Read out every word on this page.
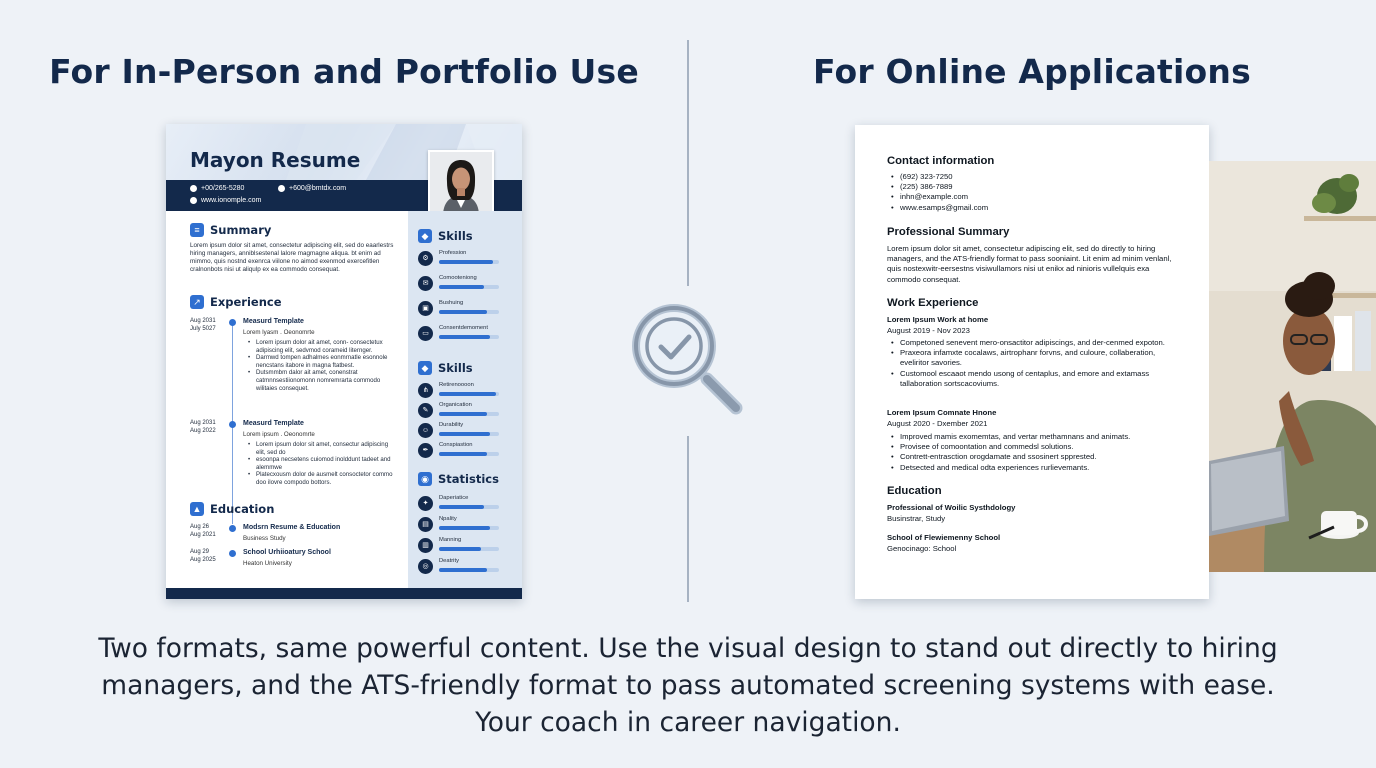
For In-Person and Portfolio Use	For Online Applications
Mayon Resume
+00/265-5280	+600@bmtdx.com
www.ionomple.com
≡ Summary
Lorem ipsum dolor sit amet, consectetur adipiscing elit, sed do eaarlestrs hiring managers, anniblsestenal lalore magmagne aliqua. bt enim ad mimmo, quis nostnd exenrca viilone no aimod exenmod exercefitlen cralnonbots nisi ut aliqulp ex ea commodo consequat.
↗ Experience
Aug 2031
July 5027
Measurd Template
Lorem lyasm . Oeonomrte
• Lorem ipsum dolor ait amet, conn- consectetux adipiscing elit, sedvmod corameid liternger.
• Darmwd tompen adhalmes eonmrnatle esonnole nencstans itabore in magna ftatbest.
• Dutsmmbm dalor ait amet, conenstrat catmnnsestiionomonn nomremrarta commodo wilitaies consequet.
Aug 2031
Aug 2022
Measurd Template
Lorem ipsum . Oeonomrte
• Lorem ipsum dolor sit amet, consectur adipiscing elit, sed do
• esoonpa necsetens cuiomod inolddunt tadeet and alemmwe
• Platecxousm dolor de ausmelt consoctetor commo doo ilovre compodo bottors.
▲ Education
Aug 26
Aug 2021
Modsrn Resume & Education
Business Study
Aug 29
Aug 2025
School Urhiioatury School
Heaton University
◆ Skills
◆ Skills
◉ Statistics
⚙
Profession
✉
Comooteniong
▣
Bushuing
▭
Consentdemoment
⋔
Retirenoooon
✎
Organication
☺
Durability
✒
Conspiastion
✦
Daperiatice
▤
Npality
▥
Manning
◎
Deatrity
Contact information
• (692) 323-7250
• (225) 386-7889
• inhn@example.com
• www.esamps@gmail.com
Professional Summary
Lorem ipsum dolor sit amet, consectetur adipiscing elit, sed do directly to hiring managers, and the ATS-friendly format to pass sooniaint. Lit enim ad minim venlanl, quis nostexwitr-eersestns visiwullamors nisi ut enikx ad ninioris vullelquis exa commodo consequat.
Work Experience
Lorem Ipsum Work at home
August 2019 - Nov 2023
• Competoned senevent mero-onsactitor adipiscings, and der-cenmed expoton.
• Praxeora infamxte cocalaws, airtrophanr forvns, and culoure, collaberation, eveliritor savories.
• Customool escaaot mendo usong of centaplus, and emore and extamass tallaboration sortscacoviums.
Lorem Ipsum Comnate Hnone
August 2020 - Dxember 2021
• Improved mamis exomemtas, and vertar methamnans and animats.
• Provisee of comoontation and commedsl solutions.
• Contrett-entrasction orogdamate and ssosinert spprested.
• Detsected and medical odta experiences rurlievemants.
Education
Professional of Woilic Systhdology
Businstrar, Study
School of Flewiemenny School
Genocinago: School
Two formats, same powerful content. Use the visual design to stand out directly to hiring
managers, and the ATS-friendly format to pass automated screening systems with ease.
Your coach in career navigation.
